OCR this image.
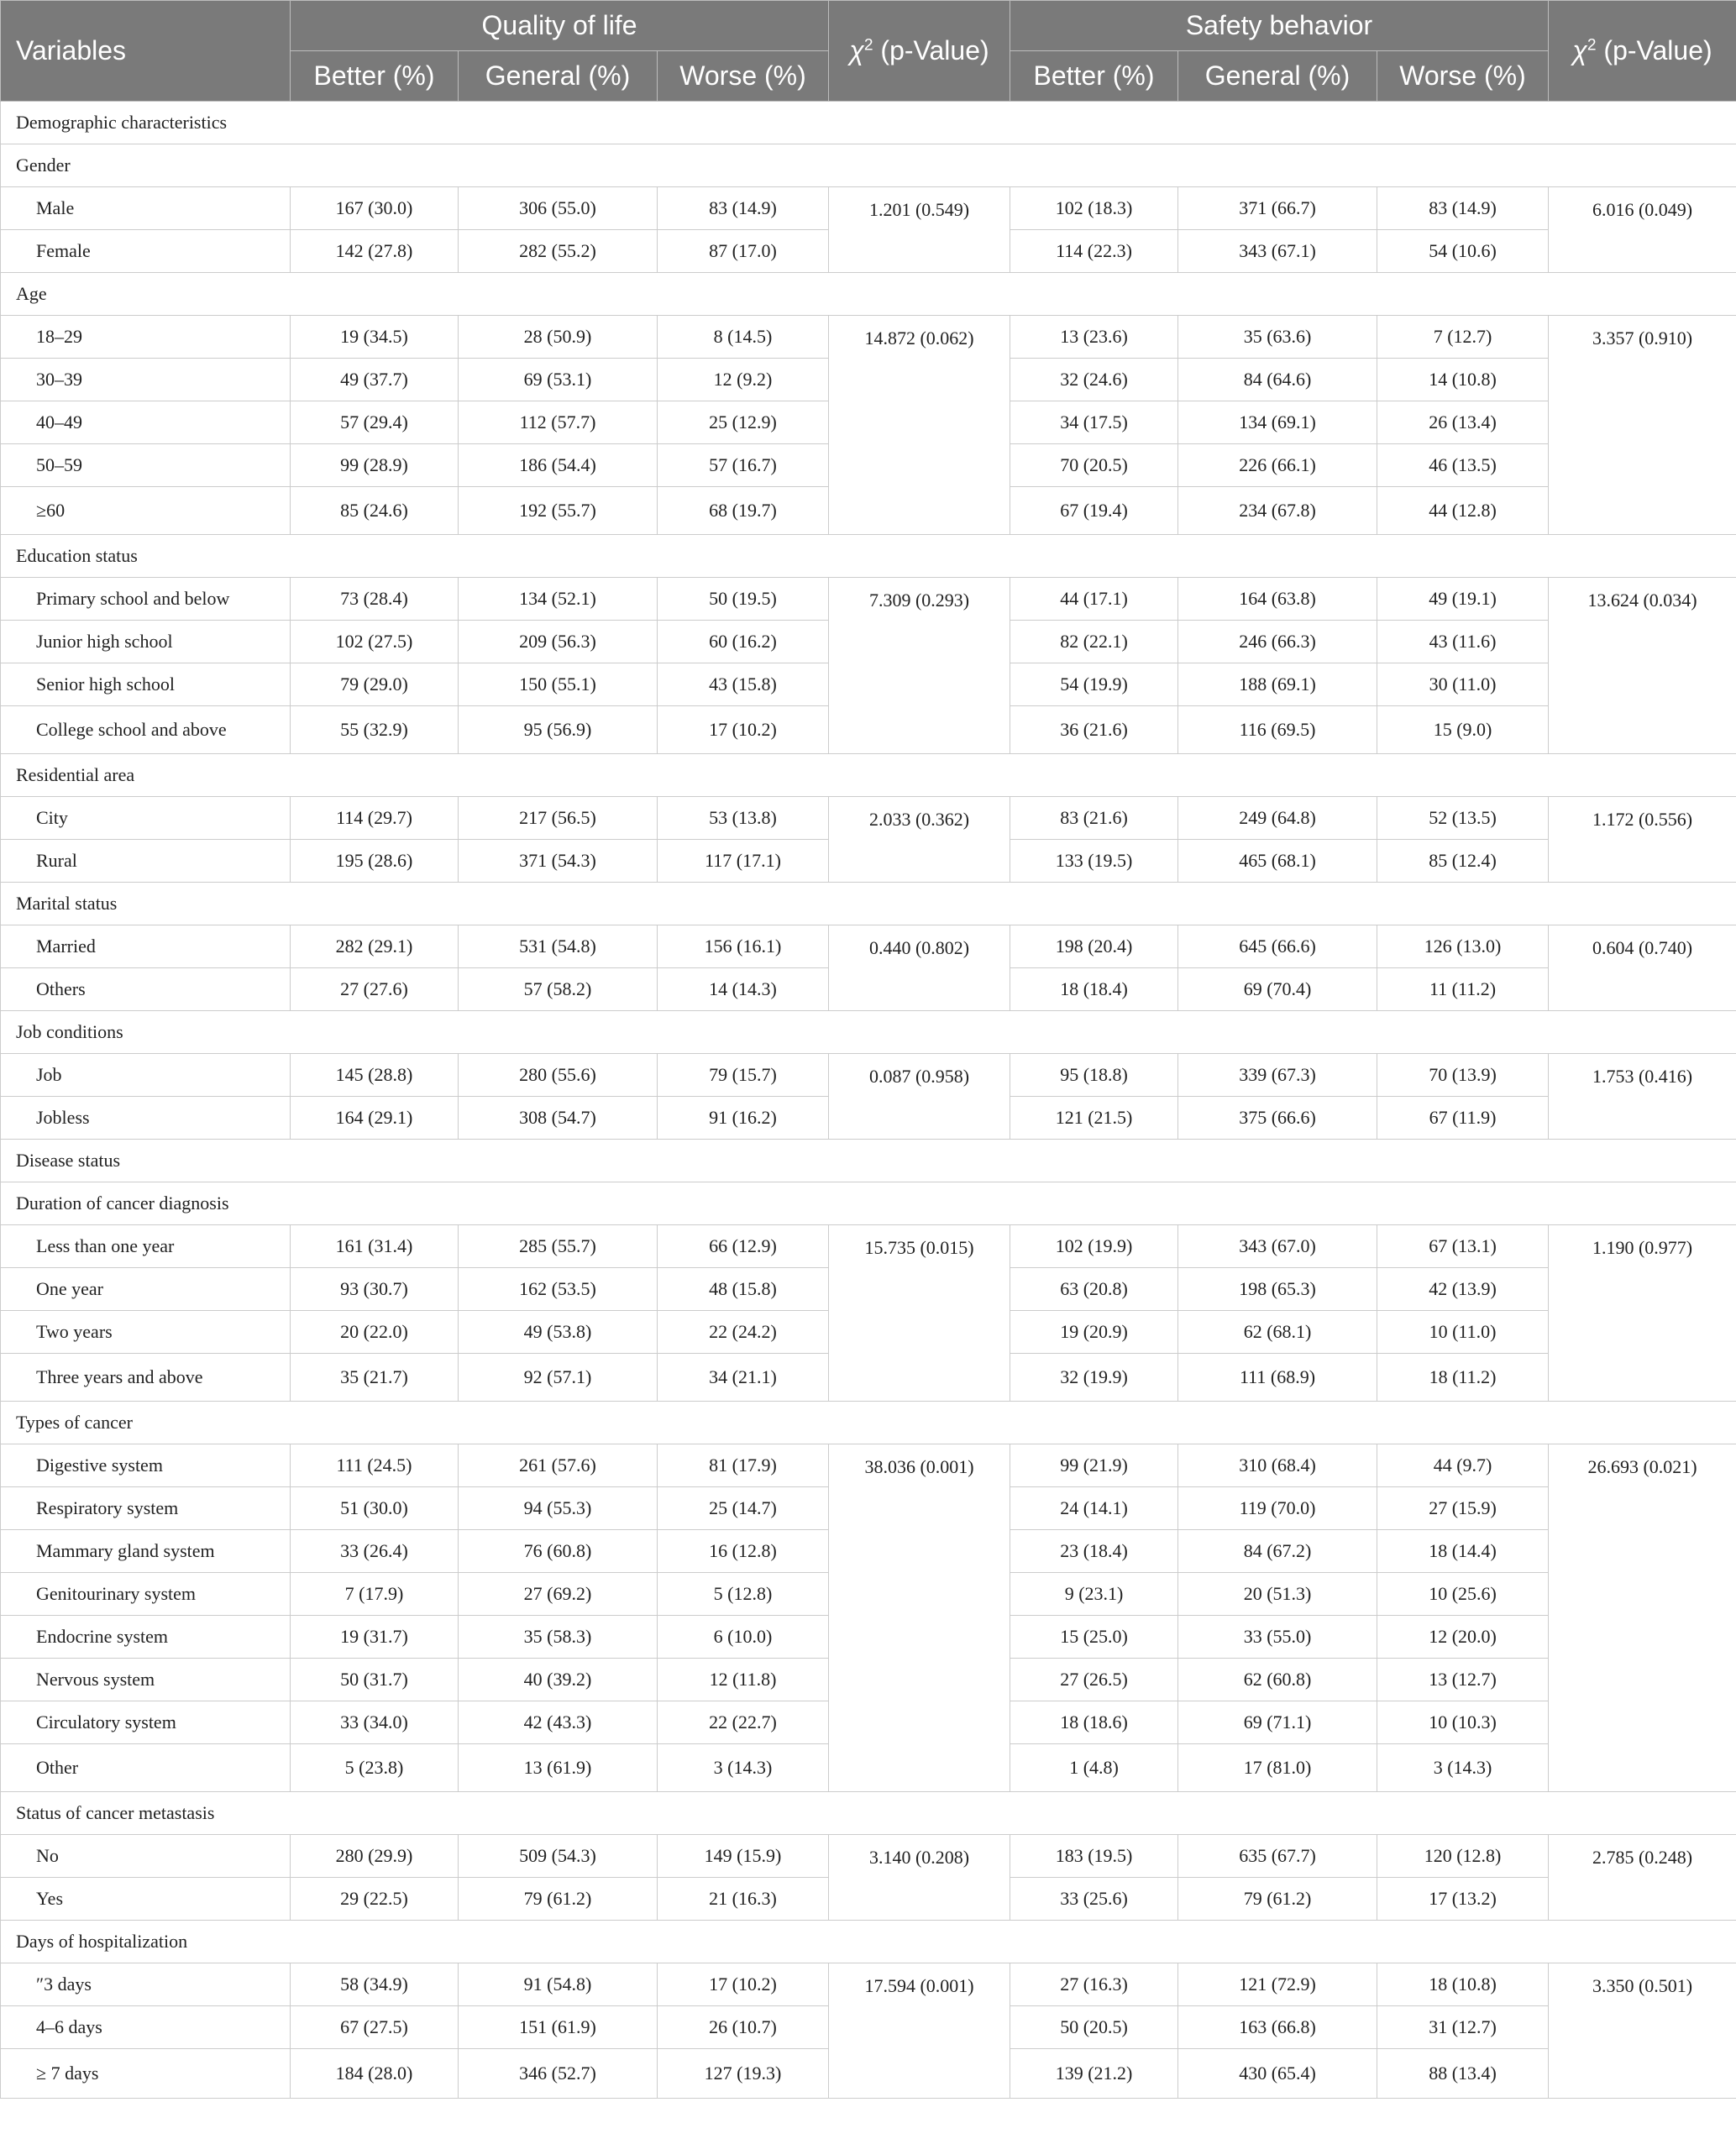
Variables	Quality of life			$\chi^2$ (p-Value)	Safety behavior			$\chi^2$ (p-Value)
	Better (%)	General (%)	Worse (%)		Better (%)	General (%)	Worse (%)	
Demographic characteristics								
Gender								
Male	167 (30.0)	306 (55.0)	83 (14.9)	1.201 (0.549)	102 (18.3)	371 (66.7)	83 (14.9)	6.016 (0.049)
Female	142 (27.8)	282 (55.2)	87 (17.0)		114 (22.3)	343 (67.1)	54 (10.6)	
Age								
18–29	19 (34.5)	28 (50.9)	8 (14.5)	14.872 (0.062)	13 (23.6)	35 (63.6)	7 (12.7)	3.357 (0.910)
30–39	49 (37.7)	69 (53.1)	12 (9.2)		32 (24.6)	84 (64.6)	14 (10.8)	
40–49	57 (29.4)	112 (57.7)	25 (12.9)		34 (17.5)	134 (69.1)	26 (13.4)	
50–59	99 (28.9)	186 (54.4)	57 (16.7)		70 (20.5)	226 (66.1)	46 (13.5)	
≥60	85 (24.6)	192 (55.7)	68 (19.7)		67 (19.4)	234 (67.8)	44 (12.8)	
Education status								
Primary school and below	73 (28.4)	134 (52.1)	50 (19.5)	7.309 (0.293)	44 (17.1)	164 (63.8)	49 (19.1)	13.624 (0.034)
Junior high school	102 (27.5)	209 (56.3)	60 (16.2)		82 (22.1)	246 (66.3)	43 (11.6)	
Senior high school	79 (29.0)	150 (55.1)	43 (15.8)		54 (19.9)	188 (69.1)	30 (11.0)	
College school and above	55 (32.9)	95 (56.9)	17 (10.2)		36 (21.6)	116 (69.5)	15 (9.0)	
Residential area								
City	114 (29.7)	217 (56.5)	53 (13.8)	2.033 (0.362)	83 (21.6)	249 (64.8)	52 (13.5)	1.172 (0.556)
Rural	195 (28.6)	371 (54.3)	117 (17.1)		133 (19.5)	465 (68.1)	85 (12.4)	
Marital status								
Married	282 (29.1)	531 (54.8)	156 (16.1)	0.440 (0.802)	198 (20.4)	645 (66.6)	126 (13.0)	0.604 (0.740)
Others	27 (27.6)	57 (58.2)	14 (14.3)		18 (18.4)	69 (70.4)	11 (11.2)	
Job conditions								
Job	145 (28.8)	280 (55.6)	79 (15.7)	0.087 (0.958)	95 (18.8)	339 (67.3)	70 (13.9)	1.753 (0.416)
Jobless	164 (29.1)	308 (54.7)	91 (16.2)		121 (21.5)	375 (66.6)	67 (11.9)	
Disease status								
Duration of cancer diagnosis								
Less than one year	161 (31.4)	285 (55.7)	66 (12.9)	15.735 (0.015)	102 (19.9)	343 (67.0)	67 (13.1)	1.190 (0.977)
One year	93 (30.7)	162 (53.5)	48 (15.8)		63 (20.8)	198 (65.3)	42 (13.9)	
Two years	20 (22.0)	49 (53.8)	22 (24.2)		19 (20.9)	62 (68.1)	10 (11.0)	
Three years and above	35 (21.7)	92 (57.1)	34 (21.1)		32 (19.9)	111 (68.9)	18 (11.2)	
Types of cancer								
Digestive system	111 (24.5)	261 (57.6)	81 (17.9)	38.036 (0.001)	99 (21.9)	310 (68.4)	44 (9.7)	26.693 (0.021)
Respiratory system	51 (30.0)	94 (55.3)	25 (14.7)		24 (14.1)	119 (70.0)	27 (15.9)	
Mammary gland system	33 (26.4)	76 (60.8)	16 (12.8)		23 (18.4)	84 (67.2)	18 (14.4)	
Genitourinary system	7 (17.9)	27 (69.2)	5 (12.8)		9 (23.1)	20 (51.3)	10 (25.6)	
Endocrine system	19 (31.7)	35 (58.3)	6 (10.0)		15 (25.0)	33 (55.0)	12 (20.0)	
Nervous system	50 (31.7)	40 (39.2)	12 (11.8)		27 (26.5)	62 (60.8)	13 (12.7)	
Circulatory system	33 (34.0)	42 (43.3)	22 (22.7)		18 (18.6)	69 (71.1)	10 (10.3)	
Other	5 (23.8)	13 (61.9)	3 (14.3)		1 (4.8)	17 (81.0)	3 (14.3)	
Status of cancer metastasis								
No	280 (29.9)	509 (54.3)	149 (15.9)	3.140 (0.208)	183 (19.5)	635 (67.7)	120 (12.8)	2.785 (0.248)
Yes	29 (22.5)	79 (61.2)	21 (16.3)		33 (25.6)	79 (61.2)	17 (13.2)	
Days of hospitalization								
″3 days	58 (34.9)	91 (54.8)	17 (10.2)	17.594 (0.001)	27 (16.3)	121 (72.9)	18 (10.8)	3.350 (0.501)
4–6 days	67 (27.5)	151 (61.9)	26 (10.7)		50 (20.5)	163 (66.8)	31 (12.7)	
≥ 7 days	184 (28.0)	346 (52.7)	127 (19.3)		139 (21.2)	430 (65.4)	88 (13.4)	
